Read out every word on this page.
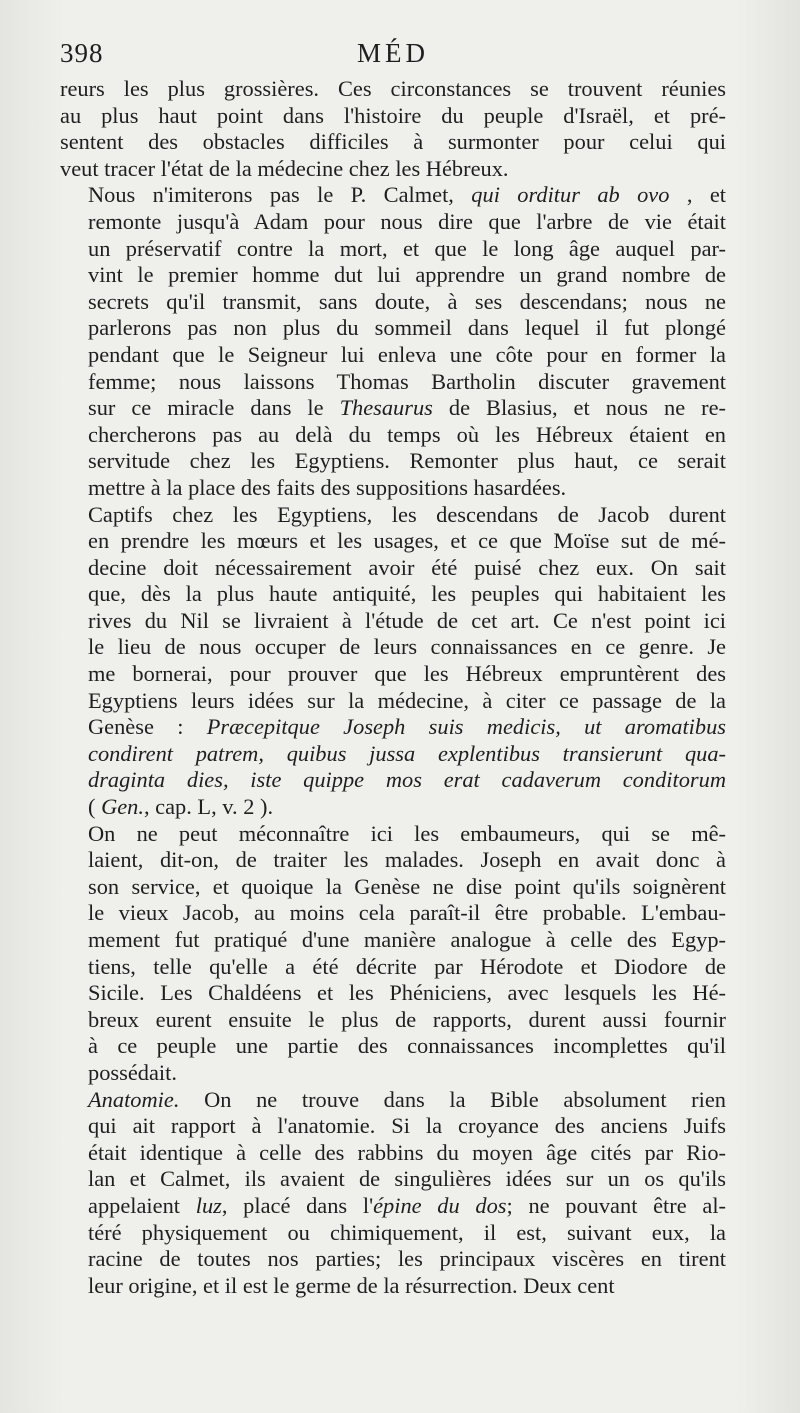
398	MÉD

reurs les plus grossières. Ces circonstances se trouvent réunies
au plus haut point dans l'histoire du peuple d'Israël, et pré-
sentent des obstacles difficiles à surmonter pour celui qui
veut tracer l'état de la médecine chez les Hébreux.

Nous n'imiterons pas le P. Calmet, qui orditur ab ovo , et
remonte jusqu'à Adam pour nous dire que l'arbre de vie était
un préservatif contre la mort, et que le long âge auquel par-
vint le premier homme dut lui apprendre un grand nombre de
secrets qu'il transmit, sans doute, à ses descendans; nous ne
parlerons pas non plus du sommeil dans lequel il fut plongé
pendant que le Seigneur lui enleva une côte pour en former la
femme; nous laissons Thomas Bartholin discuter gravement
sur ce miracle dans le Thesaurus de Blasius, et nous ne re-
chercherons pas au delà du temps où les Hébreux étaient en
servitude chez les Egyptiens. Remonter plus haut, ce serait
mettre à la place des faits des suppositions hasardées.

Captifs chez les Egyptiens, les descendans de Jacob durent
en prendre les mœurs et les usages, et ce que Moïse sut de mé-
decine doit nécessairement avoir été puisé chez eux. On sait
que, dès la plus haute antiquité, les peuples qui habitaient les
rives du Nil se livraient à l'étude de cet art. Ce n'est point ici
le lieu de nous occuper de leurs connaissances en ce genre. Je
me bornerai, pour prouver que les Hébreux empruntèrent des
Egyptiens leurs idées sur la médecine, à citer ce passage de la
Genèse : Præcepitque Joseph suis medicis, ut aromatibus
condirent patrem, quibus jussa explentibus transierunt qua-
draginta dies, iste quippe mos erat cadaverum conditorum
( Gen., cap. L, v. 2 ).

On ne peut méconnaître ici les embaumeurs, qui se mê-
laient, dit-on, de traiter les malades. Joseph en avait donc à
son service, et quoique la Genèse ne dise point qu'ils soignèrent
le vieux Jacob, au moins cela paraît-il être probable. L'embau-
mement fut pratiqué d'une manière analogue à celle des Egyp-
tiens, telle qu'elle a été décrite par Hérodote et Diodore de
Sicile. Les Chaldéens et les Phéniciens, avec lesquels les Hé-
breux eurent ensuite le plus de rapports, durent aussi fournir
à ce peuple une partie des connaissances incomplettes qu'il
possédait.

Anatomie. On ne trouve dans la Bible absolument rien
qui ait rapport à l'anatomie. Si la croyance des anciens Juifs
était identique à celle des rabbins du moyen âge cités par Rio-
lan et Calmet, ils avaient de singulières idées sur un os qu'ils
appelaient luz, placé dans l'épine du dos; ne pouvant être al-
téré physiquement ou chimiquement, il est, suivant eux, la
racine de toutes nos parties; les principaux viscères en tirent
leur origine, et il est le germe de la résurrection. Deux cent
